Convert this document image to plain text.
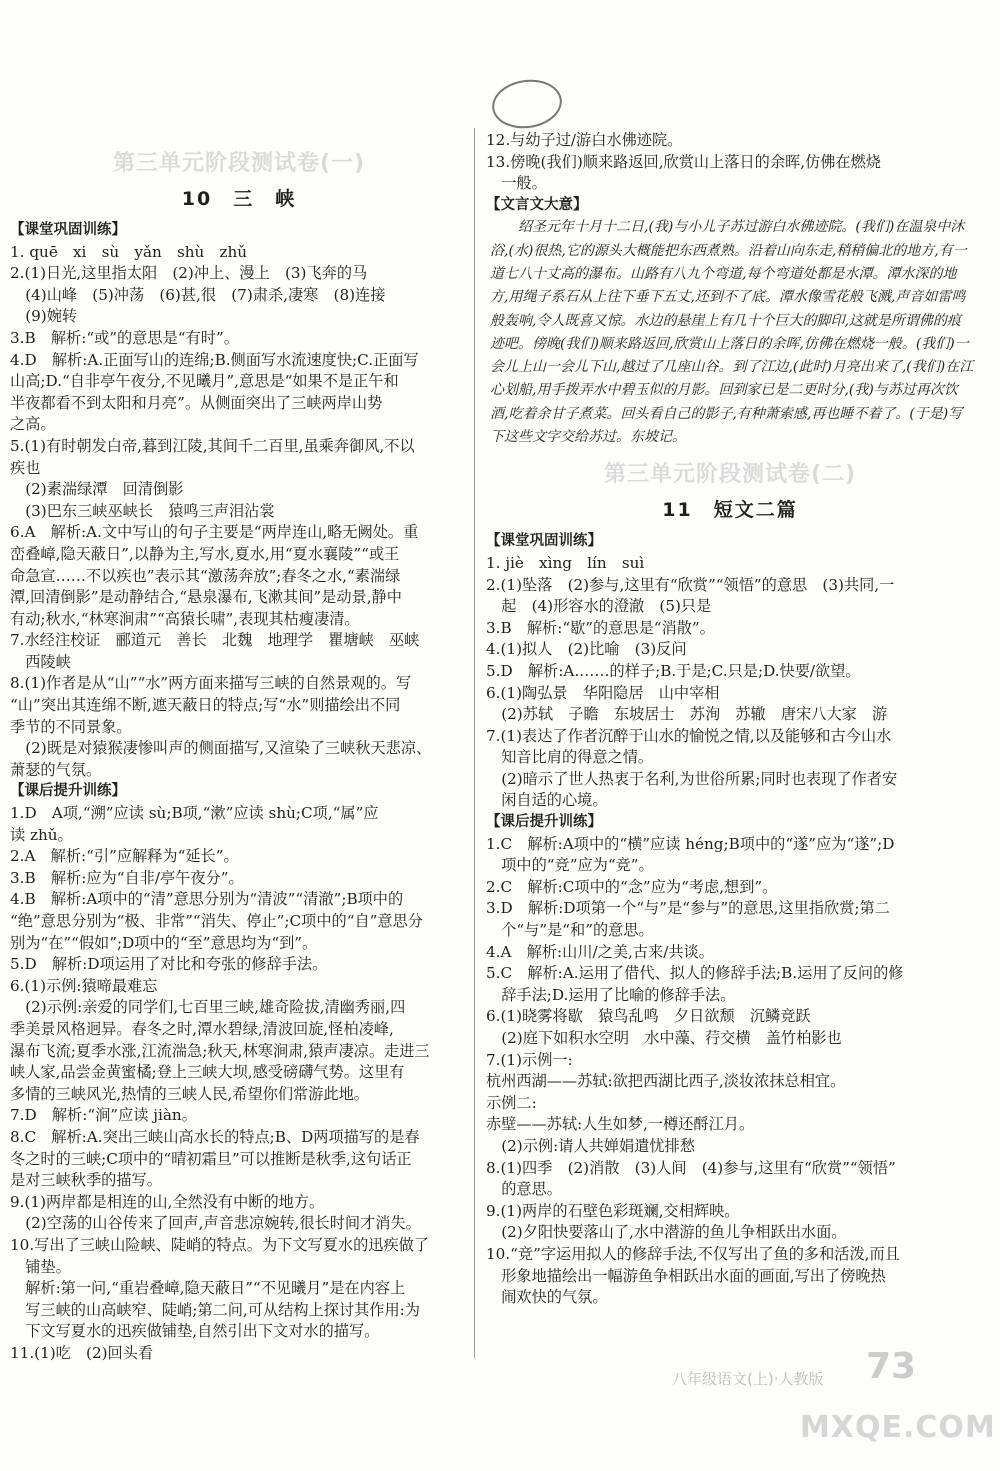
第三单元阶段测试卷(一)
10　三　峡

【课堂巩固训练】

1. quē　xi　sù　yǎn　shù　zhǔ

2.(1)日光,这里指太阳　(2)冲上、漫上　(3)飞奔的马

　(4)山峰　(5)冲荡　(6)甚,很　(7)肃杀,凄寒　(8)连接

　(9)婉转

3.B　解析:“或”的意思是“有时”。

4.D　解析:A.正面写山的连绵;B.侧面写水流速度快;C.正面写

山高;D.“自非亭午夜分,不见曦月”,意思是“如果不是正午和

半夜都看不到太阳和月亮”。从侧面突出了三峡两岸山势

之高。

5.(1)有时朝发白帝,暮到江陵,其间千二百里,虽乘奔御风,不以

疾也

　(2)素湍绿潭　回清倒影

　(3)巴东三峡巫峡长　猿鸣三声泪沾裳

6.A　解析:A.文中写山的句子主要是“两岸连山,略无阙处。重

峦叠嶂,隐天蔽日”,以静为主,写水,夏水,用“夏水襄陵”“或王

命急宣……不以疾也”表示其“激荡奔放”;春冬之水,“素湍绿

潭,回清倒影”是动静结合,“悬泉瀑布,飞漱其间”是动景,静中

有动;秋水,“林寒涧肃”“高猿长啸”,表现其枯瘦凄清。

7.水经注校证　郦道元　善长　北魏　地理学　瞿塘峡　巫峡

　西陵峡

8.(1)作者是从“山”“水”两方面来描写三峡的自然景观的。写

“山”突出其连绵不断,遮天蔽日的特点;写“水”则描绘出不同

季节的不同景象。

　(2)既是对猿猴凄惨叫声的侧面描写,又渲染了三峡秋天悲凉、

萧瑟的气氛。

【课后提升训练】

1.D　A项,“溯”应读 sù;B项,“漱”应读 shù;C项,“属”应

读 zhǔ。

2.A　解析:“引”应解释为“延长”。

3.B　解析:应为“自非/亭午夜分”。

4.B　解析:A项中的“清”意思分别为“清波”“清澈”;B项中的

“绝”意思分别为“极、非常”“消失、停止”;C项中的“自”意思分

别为“在”“假如”;D项中的“至”意思均为“到”。

5.D　解析:D项运用了对比和夸张的修辞手法。

6.(1)示例:猿啼最难忘

　(2)示例:亲爱的同学们,七百里三峡,雄奇险拔,清幽秀丽,四

季美景风格迥异。春冬之时,潭水碧绿,清波回旋,怪柏凌峰,

瀑布飞流;夏季水涨,江流湍急;秋天,林寒涧肃,猿声凄凉。走进三

峡人家,品尝金黄蜜橘;登上三峡大坝,感受磅礴气势。这里有

多情的三峡风光,热情的三峡人民,希望你们常游此地。

7.D　解析:“涧”应读 jiàn。

8.C　解析:A.突出三峡山高水长的特点;B、D两项描写的是春

冬之时的三峡;C项中的“晴初霜旦”可以推断是秋季,这句话正

是对三峡秋季的描写。

9.(1)两岸都是相连的山,全然没有中断的地方。

　(2)空荡的山谷传来了回声,声音悲凉婉转,很长时间才消失。

10.写出了三峡山险峡、陡峭的特点。为下文写夏水的迅疾做了

　铺垫。

　解析:第一问,“重岩叠嶂,隐天蔽日”“不见曦月”是在内容上

　写三峡的山高峡窄、陡峭;第二问,可从结构上探讨其作用:为

　下文写夏水的迅疾做铺垫,自然引出下文对水的描写。

11.(1)吃　(2)回头看

12.与幼子过/游白水佛迹院。

13.傍晚(我们)顺来路返回,欣赏山上落日的余晖,仿佛在燃烧

　一般。

【文言文大意】

绍圣元年十月十二日,(我)与小儿子苏过游白水佛迹院。(我们)在温泉中沐浴,(水)很热,它的源头大概能把东西煮熟。沿着山向东走,稍稍偏北的地方,有一道七八十丈高的瀑布。山路有八九个弯道,每个弯道处都是水潭。潭水深的地方,用绳子系石从上往下垂下五丈,还到不了底。潭水像雪花般飞溅,声音如雷鸣般轰响,令人既喜又惊。水边的悬崖上有几十个巨大的脚印,这就是所谓佛的痕迹吧。傍晚(我们)顺来路返回,欣赏山上落日的余晖,仿佛在燃烧一般。(我们)一会儿上山一会儿下山,越过了几座山谷。到了江边,(此时)月亮出来了,(我们)在江心划船,用手拨弄水中碧玉似的月影。回到家已是二更时分,(我)与苏过再次饮酒,吃着余甘子煮菜。回头看自己的影子,有种萧索感,再也睡不着了。(于是)写下这些文字交给苏过。东坡记。

第三单元阶段测试卷(二)
11　短文二篇

【课堂巩固训练】

1. jiè　xìng　lín　suì

2.(1)坠落　(2)参与,这里有“欣赏”“领悟”的意思　(3)共同,一

　起　(4)形容水的澄澈　(5)只是

3.B　解析:“歇”的意思是“消散”。

4.(1)拟人　(2)比喻　(3)反问

5.D　解析:A.……的样子;B.于是;C.只是;D.快要/欲望。

6.(1)陶弘景　华阳隐居　山中宰相

　(2)苏轼　子瞻　东坡居士　苏洵　苏辙　唐宋八大家　游

7.(1)表达了作者沉醉于山水的愉悦之情,以及能够和古今山水

　知音比肩的得意之情。

　(2)暗示了世人热衷于名利,为世俗所累;同时也表现了作者安

　闲自适的心境。

【课后提升训练】

1.C　解析:A项中的“横”应读 héng;B项中的“遂”应为“遂”;D

　项中的“竞”应为“竞”。

2.C　解析:C项中的“念”应为“考虑,想到”。

3.D　解析:D项第一个“与”是“参与”的意思,这里指欣赏;第二

　个“与”是“和”的意思。

4.A　解析:山川/之美,古来/共谈。

5.C　解析:A.运用了借代、拟人的修辞手法;B.运用了反问的修

　辞手法;D.运用了比喻的修辞手法。

6.(1)晓雾将歇　猿鸟乱鸣　夕日欲颓　沉鳞竞跃

　(2)庭下如积水空明　水中藻、荇交横　盖竹柏影也

7.(1)示例一:

杭州西湖——苏轼:欲把西湖比西子,淡妆浓抹总相宜。

示例二:

赤壁——苏轼:人生如梦,一樽还酹江月。

　(2)示例:请人共婵娟遣忧排愁

8.(1)四季　(2)消散　(3)人间　(4)参与,这里有“欣赏”“领悟”

　的意思。

9.(1)两岸的石壁色彩斑斓,交相辉映。

　(2)夕阳快要落山了,水中潜游的鱼儿争相跃出水面。

10.“竞”字运用拟人的修辞手法,不仅写出了鱼的多和活泼,而且

　形象地描绘出一幅游鱼争相跃出水面的画面,写出了傍晚热

　闹欢快的气氛。

八年级语文(上)·人教版 73
MXQE.COM
